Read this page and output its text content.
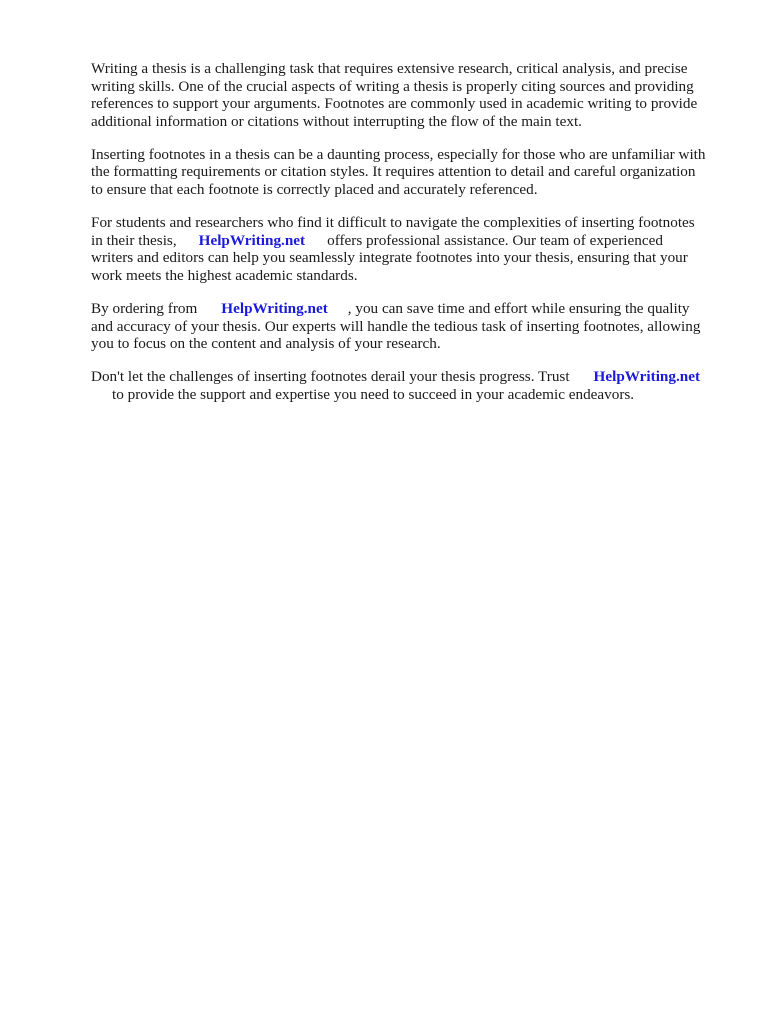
Writing a thesis is a challenging task that requires extensive research, critical analysis, and precise
writing skills. One of the crucial aspects of writing a thesis is properly citing sources and providing
references to support your arguments. Footnotes are commonly used in academic writing to provide
additional information or citations without interrupting the flow of the main text.

Inserting footnotes in a thesis can be a daunting process, especially for those who are unfamiliar with
the formatting requirements or citation styles. It requires attention to detail and careful organization
to ensure that each footnote is correctly placed and accurately referenced.

For students and researchers who find it difficult to navigate the complexities of inserting footnotes
in their thesis, HelpWriting.net offers professional assistance. Our team of experienced
writers and editors can help you seamlessly integrate footnotes into your thesis, ensuring that your
work meets the highest academic standards.

By ordering from HelpWriting.net , you can save time and effort while ensuring the quality
and accuracy of your thesis. Our experts will handle the tedious task of inserting footnotes, allowing
you to focus on the content and analysis of your research.

Don't let the challenges of inserting footnotes derail your thesis progress. Trust HelpWriting.net
to provide the support and expertise you need to succeed in your academic endeavors.
